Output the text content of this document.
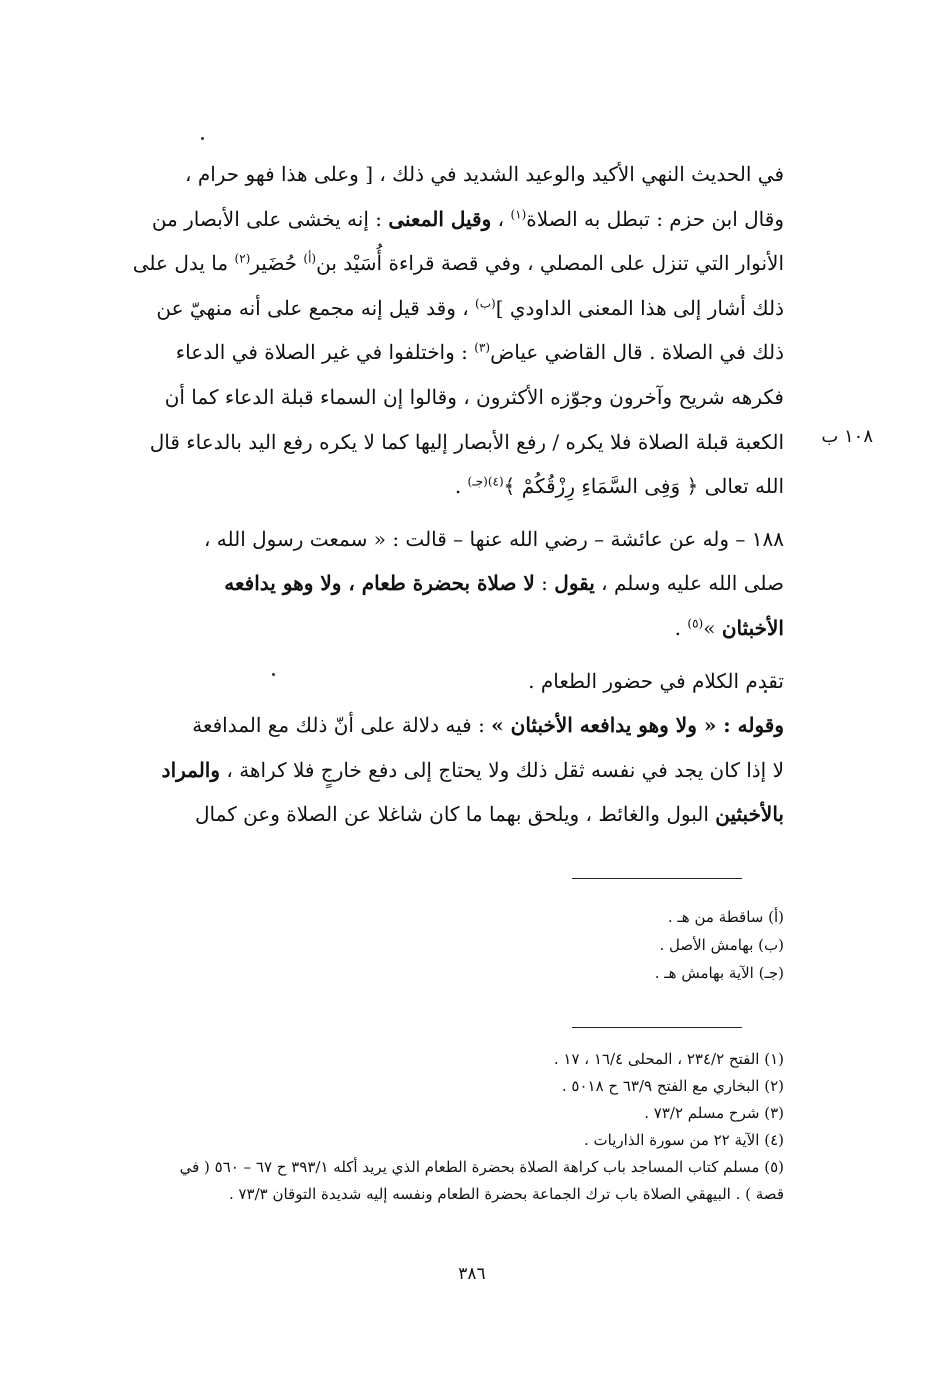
١٠٨ ب

في الحديث النهي الأكيد والوعيد الشديد في ذلك ، [ وعلى هذا فهو حرام ،
وقال ابن حزم : تبطل به الصلاة$^{(١)}$ ، وقيل المعنى : إنه يخشى على الأبصار من
الأنوار التي تنزل على المصلي ، وفي قصة قراءة أُسَيْد بن$^{(أ)}$ حُضَير$^{(٢)}$ ما يدل على
ذلك أشار إلى هذا المعنى الداودي ]$^{(ب)}$ ، وقد قيل إنه مجمع على أنه منهيّ عن
ذلك في الصلاة . قال القاضي عياض$^{(٣)}$ : واختلفوا في غير الصلاة في الدعاء
فكرهه شريح وآخرون وجوّزه الأكثرون ، وقالوا إن السماء قبلة الدعاء كما أن
الكعبة قبلة الصلاة فلا يكره / رفع الأبصار إليها كما لا يكره رفع اليد بالدعاء قال
الله تعالى ﴿ وَفِى السَّمَاءِ رِزْقُكُمْ ﴾$^{(٤)(جـ)}$ .

١٨٨ – وله عن عائشة – رضي الله عنها – قالت : « سمعت رسول الله ،
صلى الله عليه وسلم ، يقول : لا صلاة بحضرة طعام ، ولا وهو يدافعه
الأخبثان »$^{(٥)}$ .

تقدم الكلام في حضور الطعام .

وقوله : « ولا وهو يدافعه الأخبثان » : فيه دلالة على أنّ ذلك مع المدافعة
لا إذا كان يجد في نفسه ثقل ذلك ولا يحتاج إلى دفع خارجٍ فلا كراهة ، والمراد
بالأخبثين البول والغائط ، ويلحق بهما ما كان شاغلا عن الصلاة وعن كمال

(أ) ساقطة من هـ .
(ب) بهامش الأصل .
(جـ) الآية بهامش هـ .
(١) الفتح ٢٣٤/٢ ، المحلى ١٦/٤ ، ١٧ .
(٢) البخاري مع الفتح ٦٣/٩ ح ٥٠١٨ .
(٣) شرح مسلم ٧٣/٢ .
(٤) الآية ٢٢ من سورة الذاريات .
(٥) مسلم كتاب المساجد باب كراهة الصلاة بحضرة الطعام الذي يريد أكله ٣٩٣/١ ح ٦٧ – ٥٦٠ ( في
قصة ) . البيهقي الصلاة باب ترك الجماعة بحضرة الطعام ونفسه إليه شديدة التوقان ٧٣/٣ .
٣٨٦
